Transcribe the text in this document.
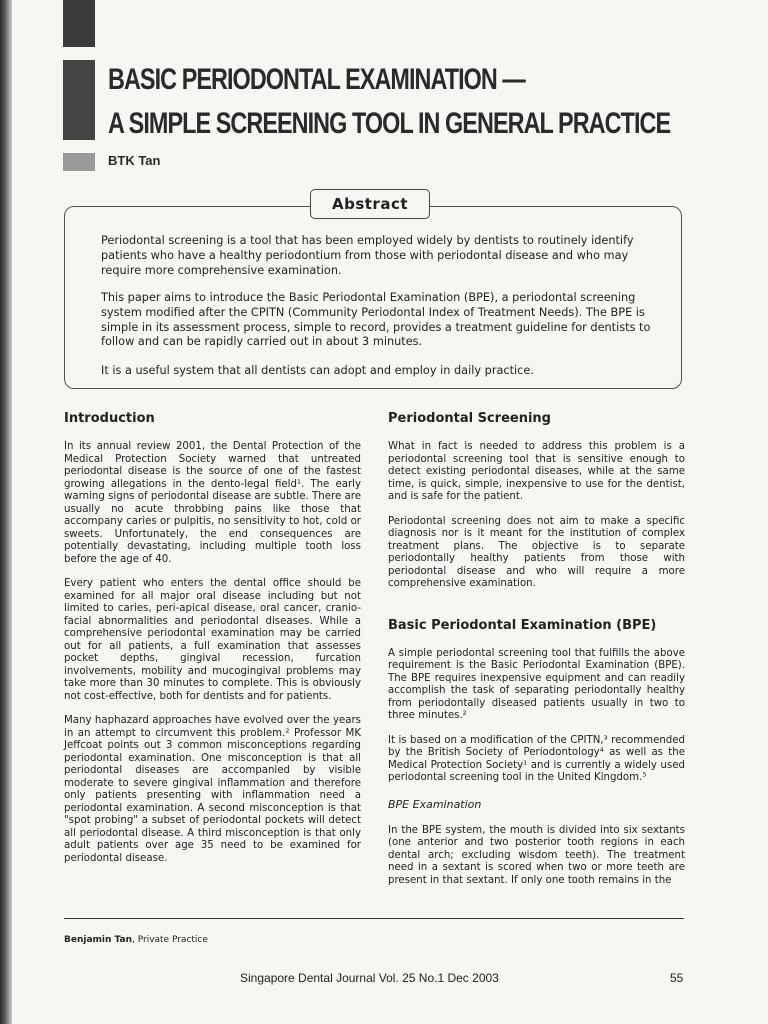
BASIC PERIODONTAL EXAMINATION —
A SIMPLE SCREENING TOOL IN GENERAL PRACTICE

BTK Tan

Abstract

Periodontal screening is a tool that has been employed widely by dentists to routinely identify patients who have a healthy periodontium from those with periodontal disease and who may require more comprehensive examination.

This paper aims to introduce the Basic Periodontal Examination (BPE), a periodontal screening system modified after the CPITN (Community Periodontal Index of Treatment Needs). The BPE is simple in its assessment process, simple to record, provides a treatment guideline for dentists to follow and can be rapidly carried out in about 3 minutes.

It is a useful system that all dentists can adopt and employ in daily practice.

Introduction

In its annual review 2001, the Dental Protection of the Medical Protection Society warned that untreated periodontal disease is the source of one of the fastest growing allegations in the dento-legal field¹. The early warning signs of periodontal disease are subtle. There are usually no acute throbbing pains like those that accompany caries or pulpitis, no sensitivity to hot, cold or sweets. Unfortunately, the end consequences are potentially devastating, including multiple tooth loss before the age of 40.

Every patient who enters the dental office should be examined for all major oral disease including but not limited to caries, peri-apical disease, oral cancer, cranio-facial abnormalities and periodontal diseases. While a comprehensive periodontal examination may be carried out for all patients, a full examination that assesses pocket depths, gingival recession, furcation involvements, mobility and mucogingival problems may take more than 30 minutes to complete. This is obviously not cost-effective, both for dentists and for patients.

Many haphazard approaches have evolved over the years in an attempt to circumvent this problem.² Professor MK Jeffcoat points out 3 common misconceptions regarding periodontal examination. One misconception is that all periodontal diseases are accompanied by visible moderate to severe gingival inflammation and therefore only patients presenting with inflammation need a periodontal examination. A second misconception is that "spot probing" a subset of periodontal pockets will detect all periodontal disease. A third misconception is that only adult patients over age 35 need to be examined for periodontal disease.

Periodontal Screening

What in fact is needed to address this problem is a periodontal screening tool that is sensitive enough to detect existing periodontal diseases, while at the same time, is quick, simple, inexpensive to use for the dentist, and is safe for the patient.

Periodontal screening does not aim to make a specific diagnosis nor is it meant for the institution of complex treatment plans. The objective is to separate periodontally healthy patients from those with periodontal disease and who will require a more comprehensive examination.

Basic Periodontal Examination (BPE)

A simple periodontal screening tool that fulfills the above requirement is the Basic Periodontal Examination (BPE). The BPE requires inexpensive equipment and can readily accomplish the task of separating periodontally healthy from periodontally diseased patients usually in two to three minutes.²

It is based on a modification of the CPITN,³ recommended by the British Society of Periodontology⁴ as well as the Medical Protection Society¹ and is currently a widely used periodontal screening tool in the United Kingdom.⁵

BPE Examination

In the BPE system, the mouth is divided into six sextants (one anterior and two posterior tooth regions in each dental arch; excluding wisdom teeth). The treatment need in a sextant is scored when two or more teeth are present in that sextant. If only one tooth remains in the

Benjamin Tan, Private Practice

Singapore Dental Journal Vol. 25 No.1 Dec 2003	55
